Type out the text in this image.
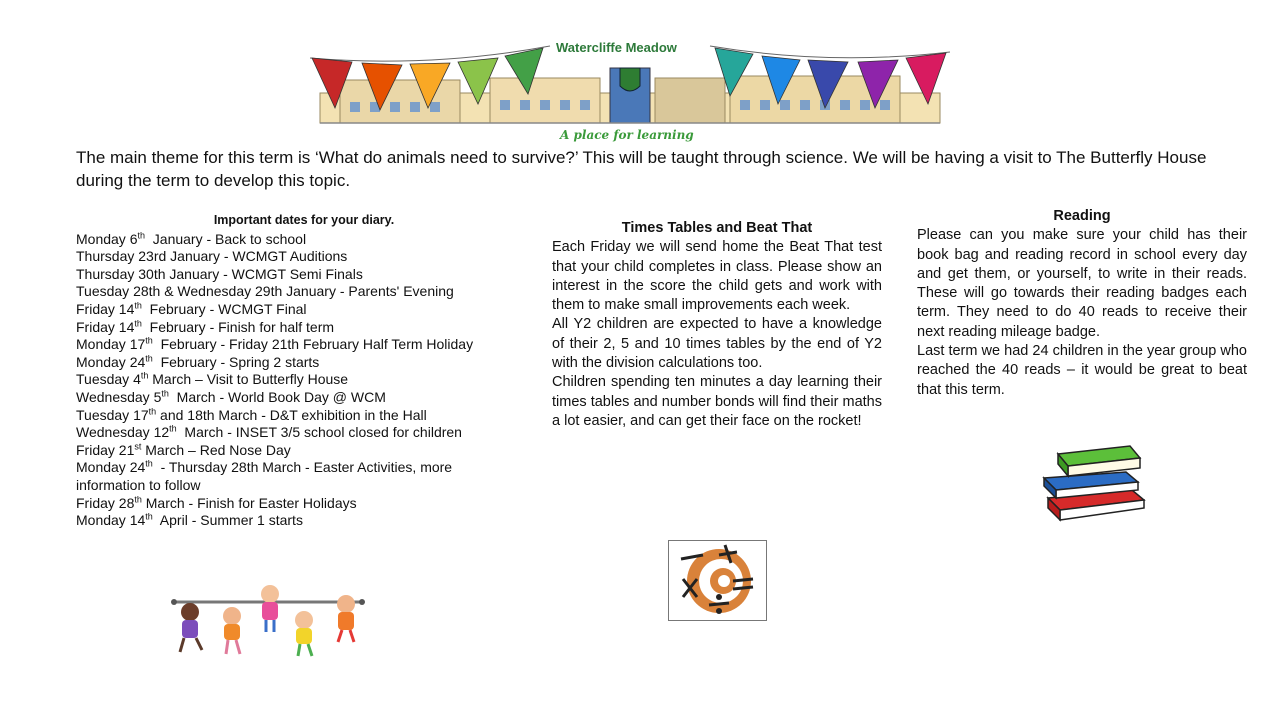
Watercliffe Meadow
A place for learning
The main theme for this term is ‘What do animals need to survive?’ This will be taught through science. We will be having a visit to The Butterfly House during the term to develop this topic.
Important dates for your diary.
Monday 6th  January - Back to school
Thursday 23rd January - WCMGT Auditions
Thursday 30th January - WCMGT Semi Finals
Tuesday 28th & Wednesday 29th January - Parents' Evening
Friday 14th  February - WCMGT Final
Friday 14th  February - Finish for half term
Monday 17th  February - Friday 21th February Half Term Holiday
Monday 24th  February - Spring 2 starts
Tuesday 4th March – Visit to Butterfly House
Wednesday 5th  March - World Book Day @ WCM
Tuesday 17th and 18th March - D&T exhibition in the Hall
Wednesday 12th  March - INSET 3/5 school closed for children
Friday 21st March – Red Nose Day
Monday 24th  - Thursday 28th March - Easter Activities, more information to follow
Friday 28th March - Finish for Easter Holidays
Monday 14th  April - Summer 1 starts
Times Tables and Beat That

Each Friday we will send home the Beat That test that your child completes in class. Please show an interest in the score the child gets and work with them to make small improvements each week.

All Y2 children are expected to have a knowledge of their 2, 5 and 10 times tables by the end of Y2 with the division calculations too.

Children spending ten minutes a day learning their times tables and number bonds will find their maths a lot easier, and can get their face on the rocket!

Reading

Please can you make sure your child has their book bag and reading record in school every day and get them, or yourself, to write in their reads. These will go towards their reading badges each term. They need to do 40 reads to receive their next reading mileage badge.

Last term we had 24 children in the year group who reached the 40 reads – it would be great to beat that this term.
